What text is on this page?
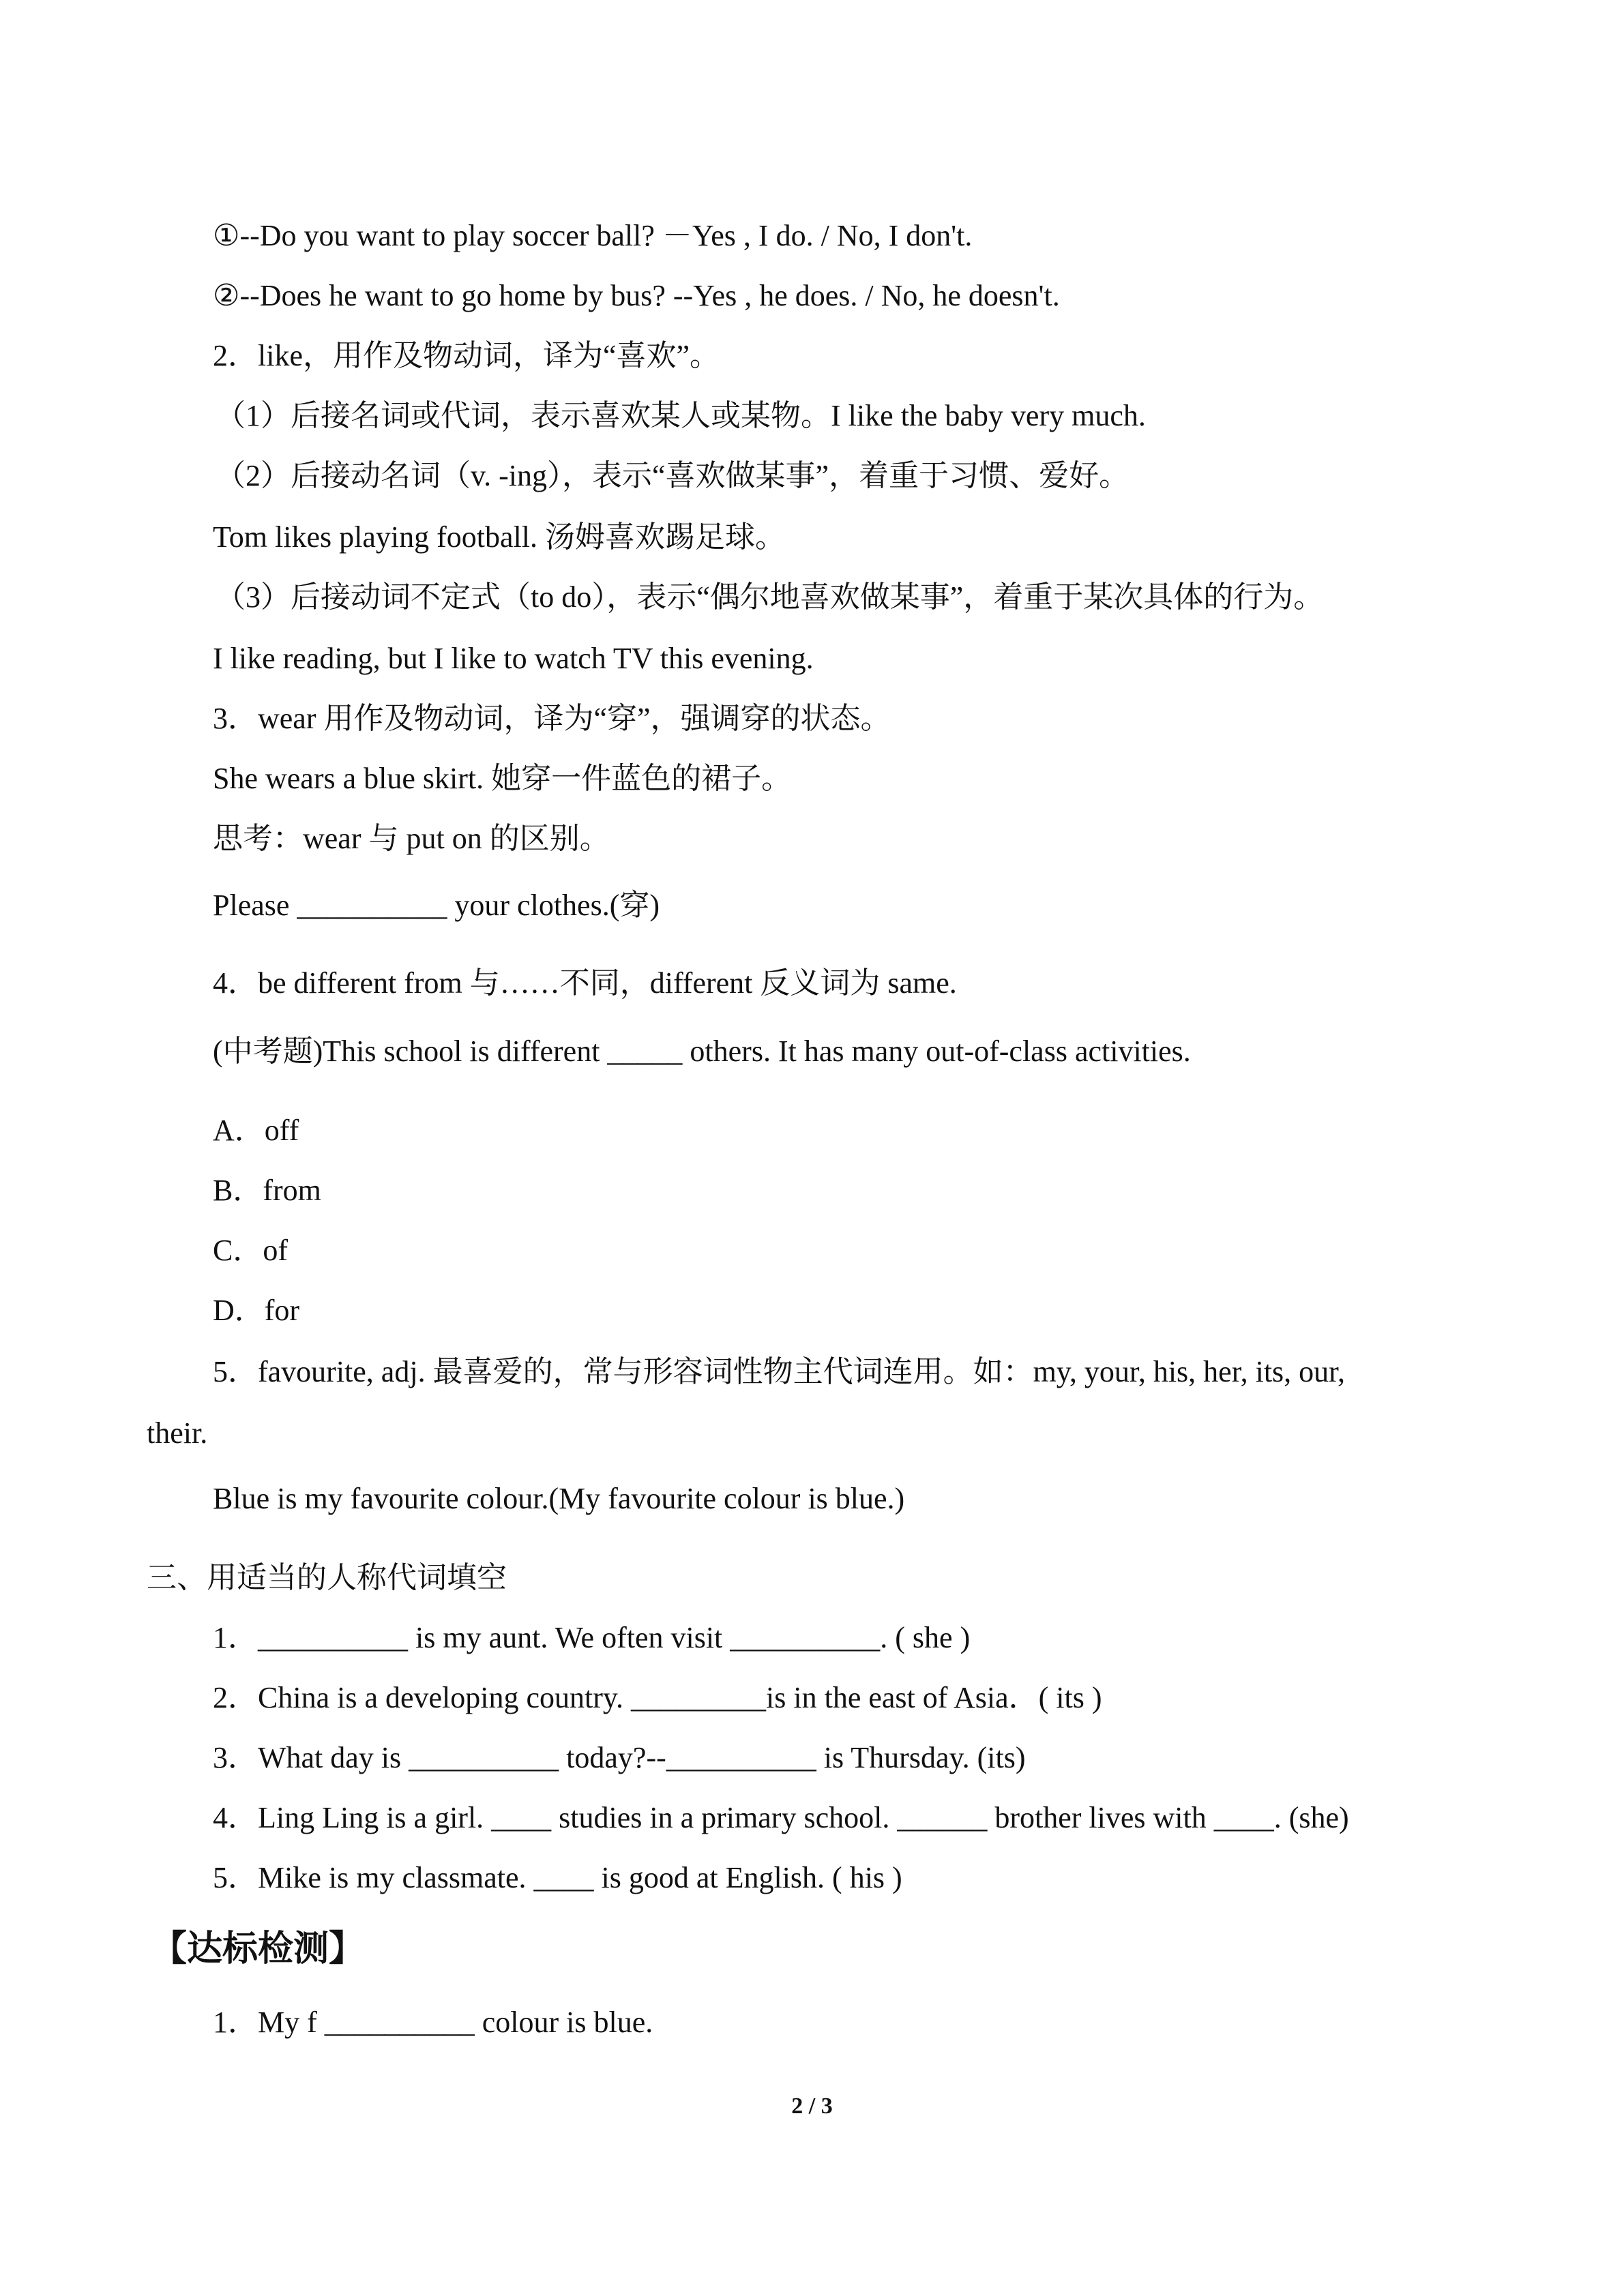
①--Do you want to play soccer ball? －Yes , I do. / No, I don't.
②--Does he want to go home by bus? --Yes , he does. / No, he doesn't.
2．like，用作及物动词，译为“喜欢”。
（1）后接名词或代词，表示喜欢某人或某物。I like the baby very much.
（2）后接动名词（v. -ing），表示“喜欢做某事”，着重于习惯、爱好。
Tom likes playing football. 汤姆喜欢踢足球。
（3）后接动词不定式（to do），表示“偶尔地喜欢做某事”，着重于某次具体的行为。
I like reading, but I like to watch TV this evening.
3．wear 用作及物动词，译为“穿”，强调穿的状态。
She wears a blue skirt. 她穿一件蓝色的裙子。
思考：wear 与 put on 的区别。
Please __________ your clothes.(穿)
4．be different from 与……不同，different 反义词为 same.
(中考题)This school is different _____ others. It has many out-of-class activities.
A．off
B．from
C．of
D．for
5．favourite, adj. 最喜爱的，常与形容词性物主代词连用。如：my, your, his, her, its, our,
their.
Blue is my favourite colour.(My favourite colour is blue.)
三、用适当的人称代词填空
1．__________ is my aunt. We often visit __________. ( she )
2．China is a developing country. _________is in the east of Asia．( its )
3．What day is __________ today?--__________ is Thursday. (its)
4．Ling Ling is a girl. ____ studies in a primary school. ______ brother lives with ____. (she)
5．Mike is my classmate. ____ is good at English. ( his )
【达标检测】
1．My f __________ colour is blue.
2 / 3
